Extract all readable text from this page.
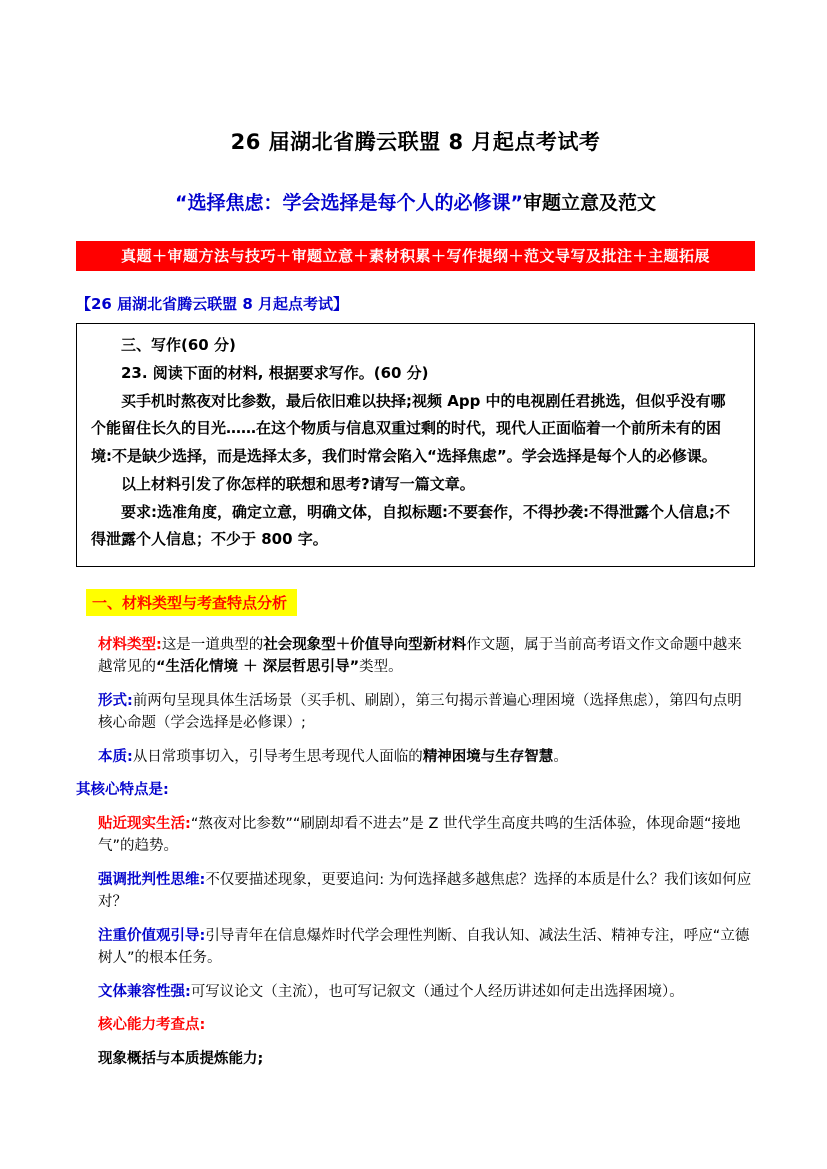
26 届湖北省腾云联盟 8 月起点考试考
“选择焦虑：学会选择是每个人的必修课”审题立意及范文
真题＋审题方法与技巧＋审题立意＋素材积累＋写作提纲＋范文导写及批注＋主题拓展
【26 届湖北省腾云联盟 8 月起点考试】

三、写作(60 分)

23. 阅读下面的材料, 根据要求写作。(60 分)

买手机时熬夜对比参数，最后依旧难以抉择;视频 App 中的电视剧任君挑选，但似乎没有哪个能留住长久的目光……在这个物质与信息双重过剩的时代，现代人正面临着一个前所未有的困境:不是缺少选择，而是选择太多，我们时常会陷入“选择焦虑”。学会选择是每个人的必修课。

以上材料引发了你怎样的联想和思考?请写一篇文章。

要求:选准角度，确定立意，明确文体，自拟标题:不要套作，不得抄袭:不得泄露个人信息;不得泄露个人信息；不少于 800 字。

一、材料类型与考查特点分析

材料类型:这是一道典型的社会现象型＋价值导向型新材料作文题，属于当前高考语文作文命题中越来越常见的“生活化情境 ＋ 深层哲思引导”类型。

形式:前两句呈现具体生活场景（买手机、刷剧），第三句揭示普遍心理困境（选择焦虑），第四句点明核心命题（学会选择是必修课）;

本质:从日常琐事切入，引导考生思考现代人面临的精神困境与生存智慧。

其核心特点是:

贴近现实生活:“熬夜对比参数”“刷剧却看不进去”是 Z 世代学生高度共鸣的生活体验，体现命题“接地气”的趋势。

强调批判性思维:不仅要描述现象，更要追问: 为何选择越多越焦虑？选择的本质是什么？我们该如何应对？

注重价值观引导:引导青年在信息爆炸时代学会理性判断、自我认知、减法生活、精神专注，呼应“立德树人”的根本任务。

文体兼容性强:可写议论文（主流），也可写记叙文（通过个人经历讲述如何走出选择困境）。

核心能力考查点:

现象概括与本质提炼能力;
